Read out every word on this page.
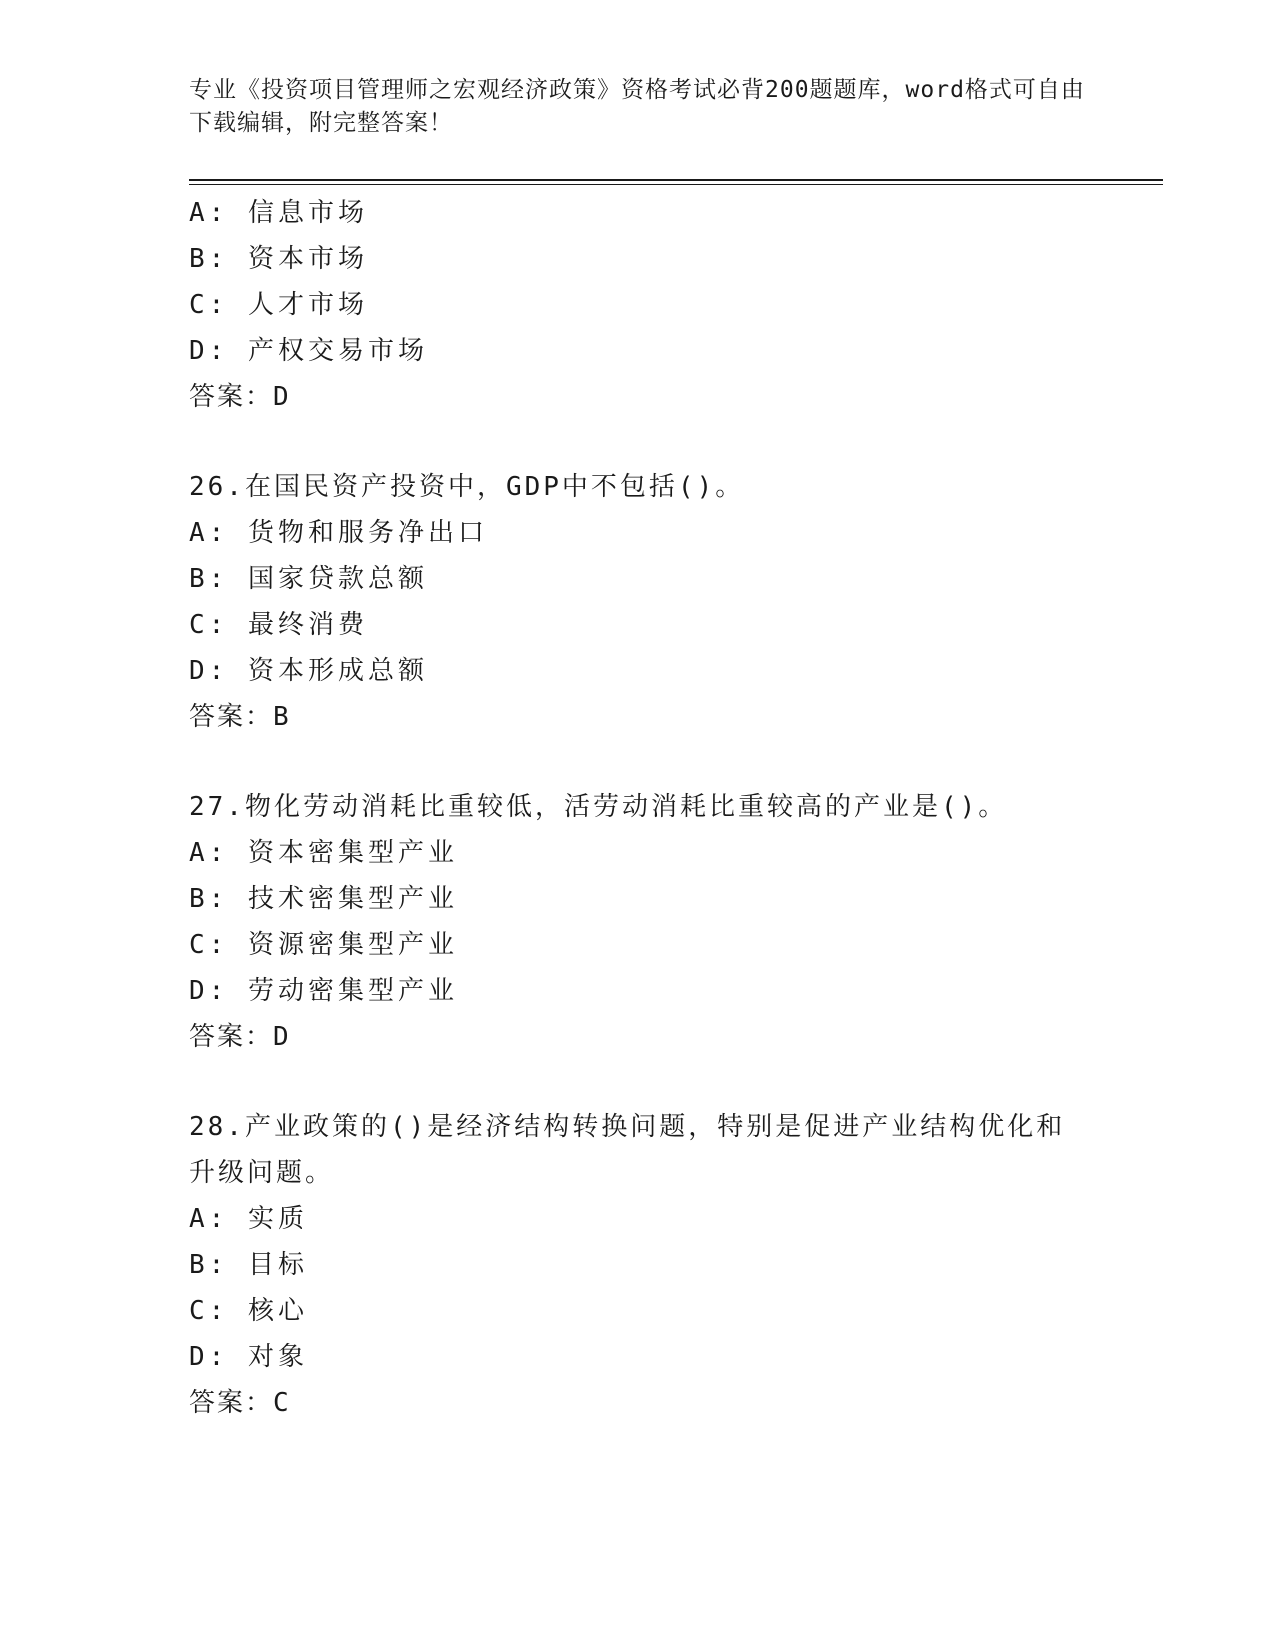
专业《投资项目管理师之宏观经济政策》资格考试必背200题题库，word格式可自由下载编辑，附完整答案！
A: 信息市场
B: 资本市场
C: 人才市场
D: 产权交易市场
答案：D
26.在国民资产投资中，GDP中不包括()。
A: 货物和服务净出口
B: 国家贷款总额
C: 最终消费
D: 资本形成总额
答案：B
27.物化劳动消耗比重较低，活劳动消耗比重较高的产业是()。
A: 资本密集型产业
B: 技术密集型产业
C: 资源密集型产业
D: 劳动密集型产业
答案：D
28.产业政策的()是经济结构转换问题，特别是促进产业结构优化和升级问题。
A: 实质
B: 目标
C: 核心
D: 对象
答案：C
